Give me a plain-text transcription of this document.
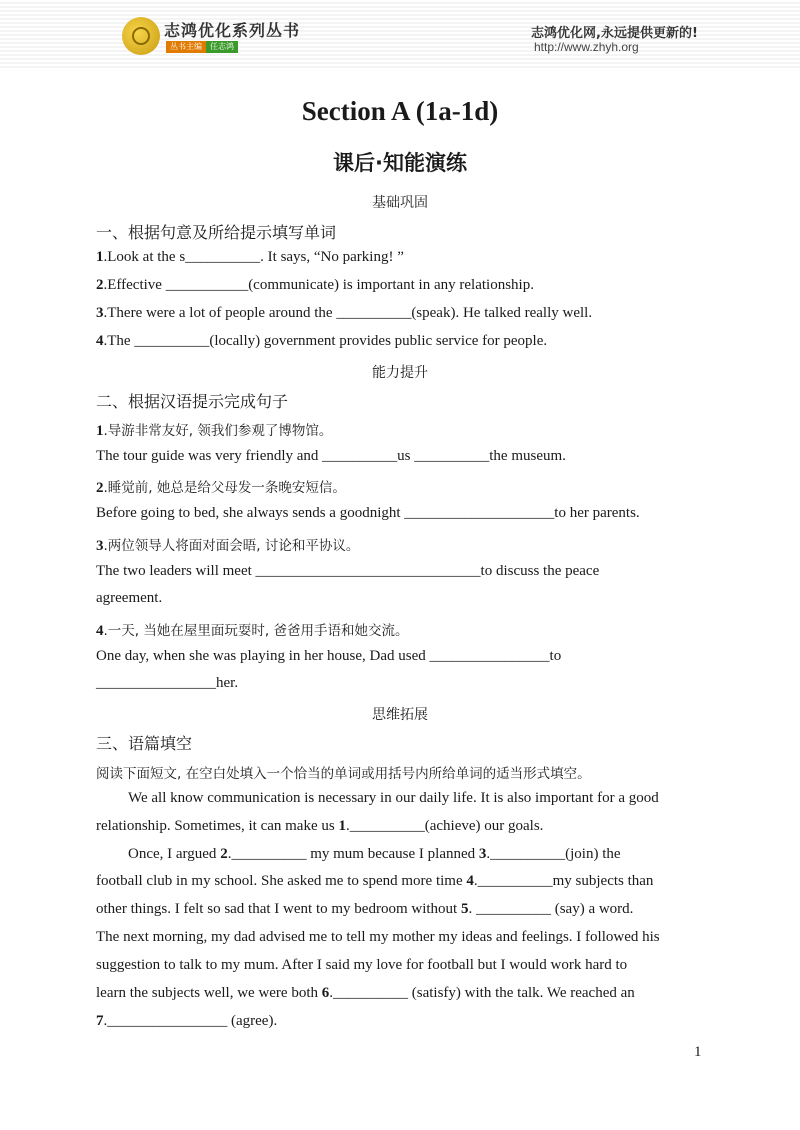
志鸿优化系列丛书
丛书主编	任志鸿
志鸿优化网,永远提供更新的!
http://www.zhyh.org
Section A (1a-1d)
课后·知能演练
基础巩固
一、根据句意及所给提示填写单词
1.Look at the s__________. It says, “No parking! ”
2.Effective ___________(communicate) is important in any relationship.
3.There were a lot of people around the __________(speak). He talked really well.
4.The __________(locally) government provides public service for people.
能力提升
二、根据汉语提示完成句子
1.导游非常友好, 领我们参观了博物馆。
The tour guide was very friendly and __________us __________the museum.
2.睡觉前, 她总是给父母发一条晚安短信。
Before going to bed, she always sends a goodnight ____________________to her parents.
3.两位领导人将面对面会晤, 讨论和平协议。
The two leaders will meet ______________________________to discuss the peace
agreement.
4.一天, 当她在屋里面玩耍时, 爸爸用手语和她交流。
One day, when she was playing in her house, Dad used ________________to
________________her.
思维拓展
三、语篇填空
阅读下面短文, 在空白处填入一个恰当的单词或用括号内所给单词的适当形式填空。
We all know communication is necessary in our daily life. It is also important for a good
relationship. Sometimes, it can make us 1.__________(achieve) our goals.
Once, I argued 2.__________ my mum because I planned 3.__________(join) the
football club in my school. She asked me to spend more time 4.__________my subjects than
other things. I felt so sad that I went to my bedroom without 5. __________ (say) a word.
The next morning, my dad advised me to tell my mother my ideas and feelings. I followed his
suggestion to talk to my mum. After I said my love for football but I would work hard to
learn the subjects well, we were both 6.__________ (satisfy) with the talk. We reached an
7.________________ (agree).
1
